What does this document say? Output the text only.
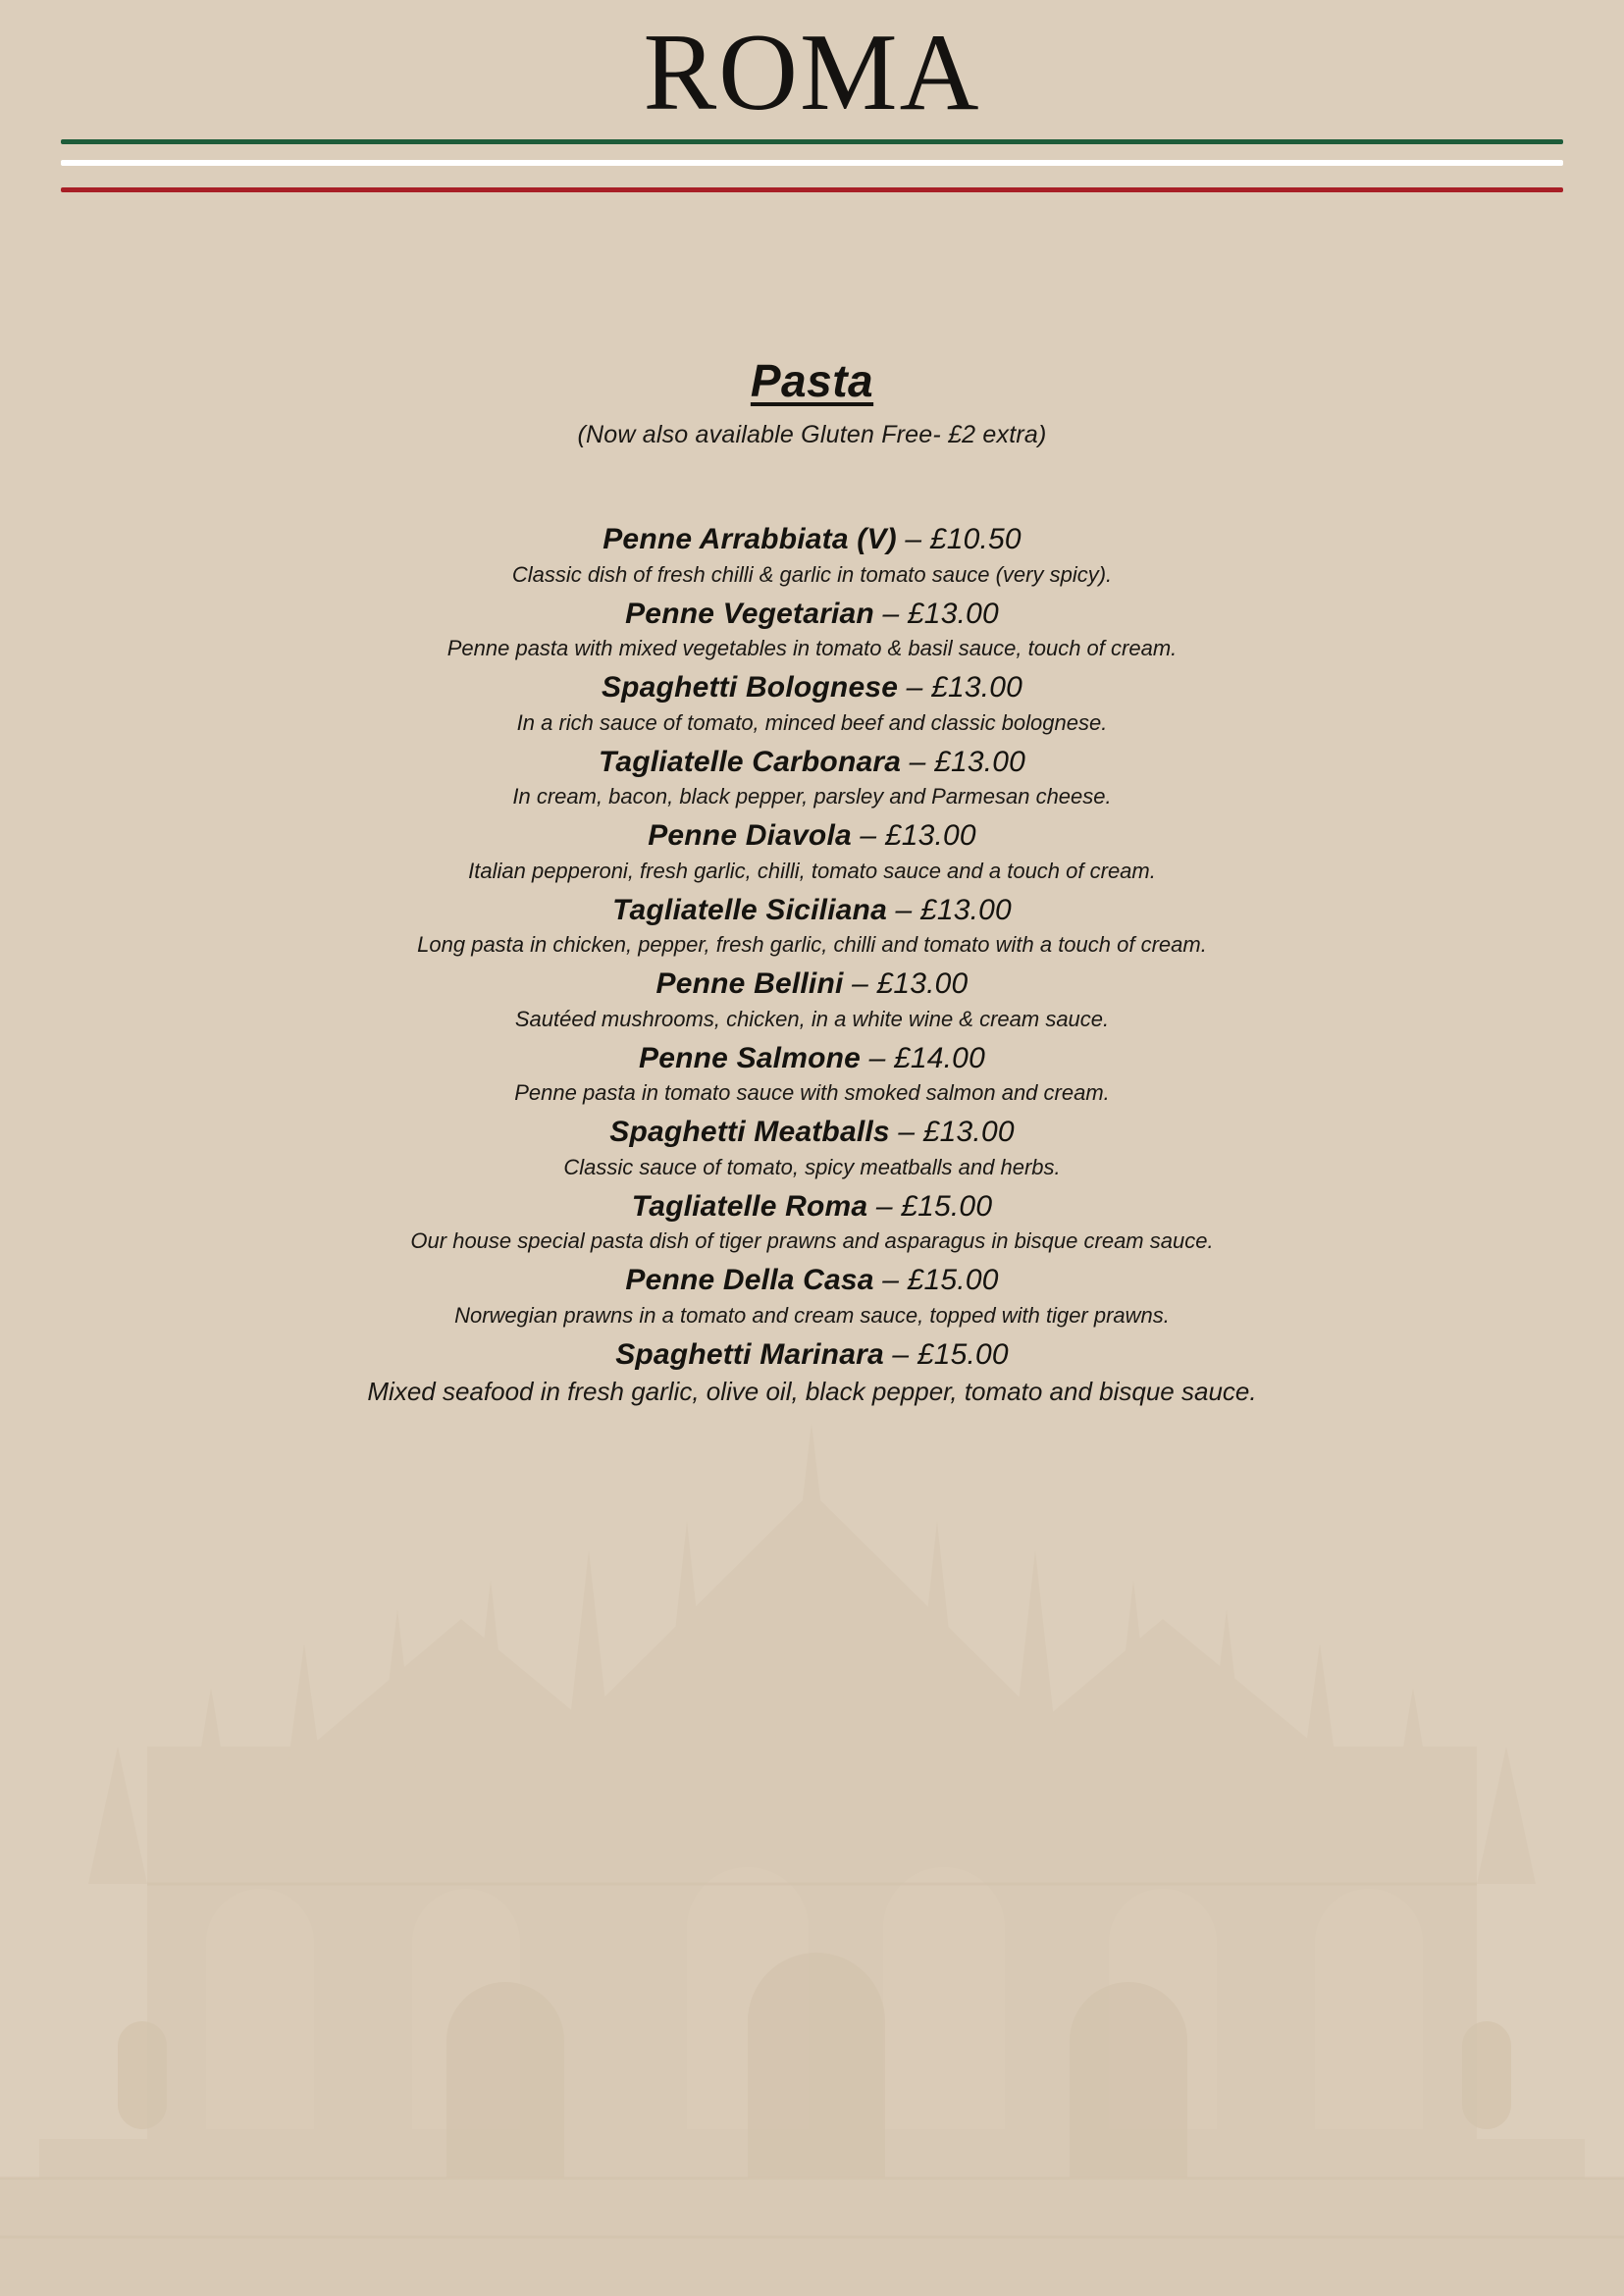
ROMA
Pasta
(Now also available Gluten Free- £2 extra)
Penne Arrabbiata (V) – £10.50
Classic dish of fresh chilli & garlic in tomato sauce (very spicy).
Penne Vegetarian – £13.00
Penne pasta with mixed vegetables in tomato & basil sauce, touch of cream.
Spaghetti Bolognese – £13.00
In a rich sauce of tomato, minced beef and classic bolognese.
Tagliatelle Carbonara – £13.00
In cream, bacon, black pepper, parsley and Parmesan cheese.
Penne Diavola – £13.00
Italian pepperoni, fresh garlic, chilli, tomato sauce and a touch of cream.
Tagliatelle Siciliana – £13.00
Long pasta in chicken, pepper, fresh garlic, chilli and tomato with a touch of cream.
Penne Bellini – £13.00
Sautéed mushrooms, chicken, in a white wine & cream sauce.
Penne Salmone – £14.00
Penne pasta in tomato sauce with smoked salmon and cream.
Spaghetti Meatballs – £13.00
Classic sauce of tomato, spicy meatballs and herbs.
Tagliatelle Roma – £15.00
Our house special pasta dish of tiger prawns and asparagus in bisque cream sauce.
Penne Della Casa – £15.00
Norwegian prawns in a tomato and cream sauce, topped with tiger prawns.
Spaghetti Marinara – £15.00
Mixed seafood in fresh garlic, olive oil, black pepper, tomato and bisque sauce.
